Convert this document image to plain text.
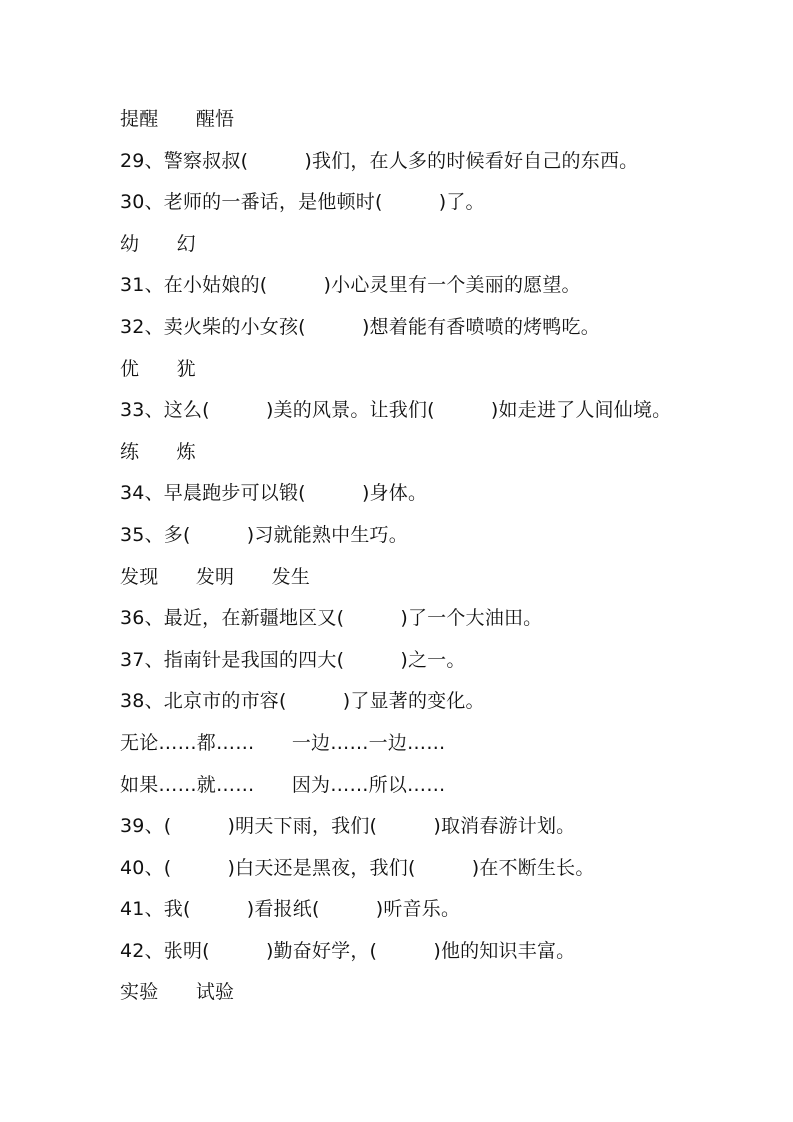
提醒      醒悟
29、警察叔叔(         )我们，在人多的时候看好自己的东西。
30、老师的一番话，是他顿时(         )了。
幼      幻
31、在小姑娘的(         )小心灵里有一个美丽的愿望。
32、卖火柴的小女孩(         )想着能有香喷喷的烤鸭吃。
优      犹
33、这么(         )美的风景。让我们(         )如走进了人间仙境。
练      炼
34、早晨跑步可以锻(         )身体。
35、多(         )习就能熟中生巧。
发现      发明      发生
36、最近，在新疆地区又(         )了一个大油田。
37、指南针是我国的四大(         )之一。
38、北京市的市容(         )了显著的变化。
无论……都……      一边……一边……
如果……就……      因为……所以……
39、(         )明天下雨，我们(         )取消春游计划。
40、(         )白天还是黑夜，我们(         )在不断生长。
41、我(         )看报纸(         )听音乐。
42、张明(         )勤奋好学，(         )他的知识丰富。
实验      试验
